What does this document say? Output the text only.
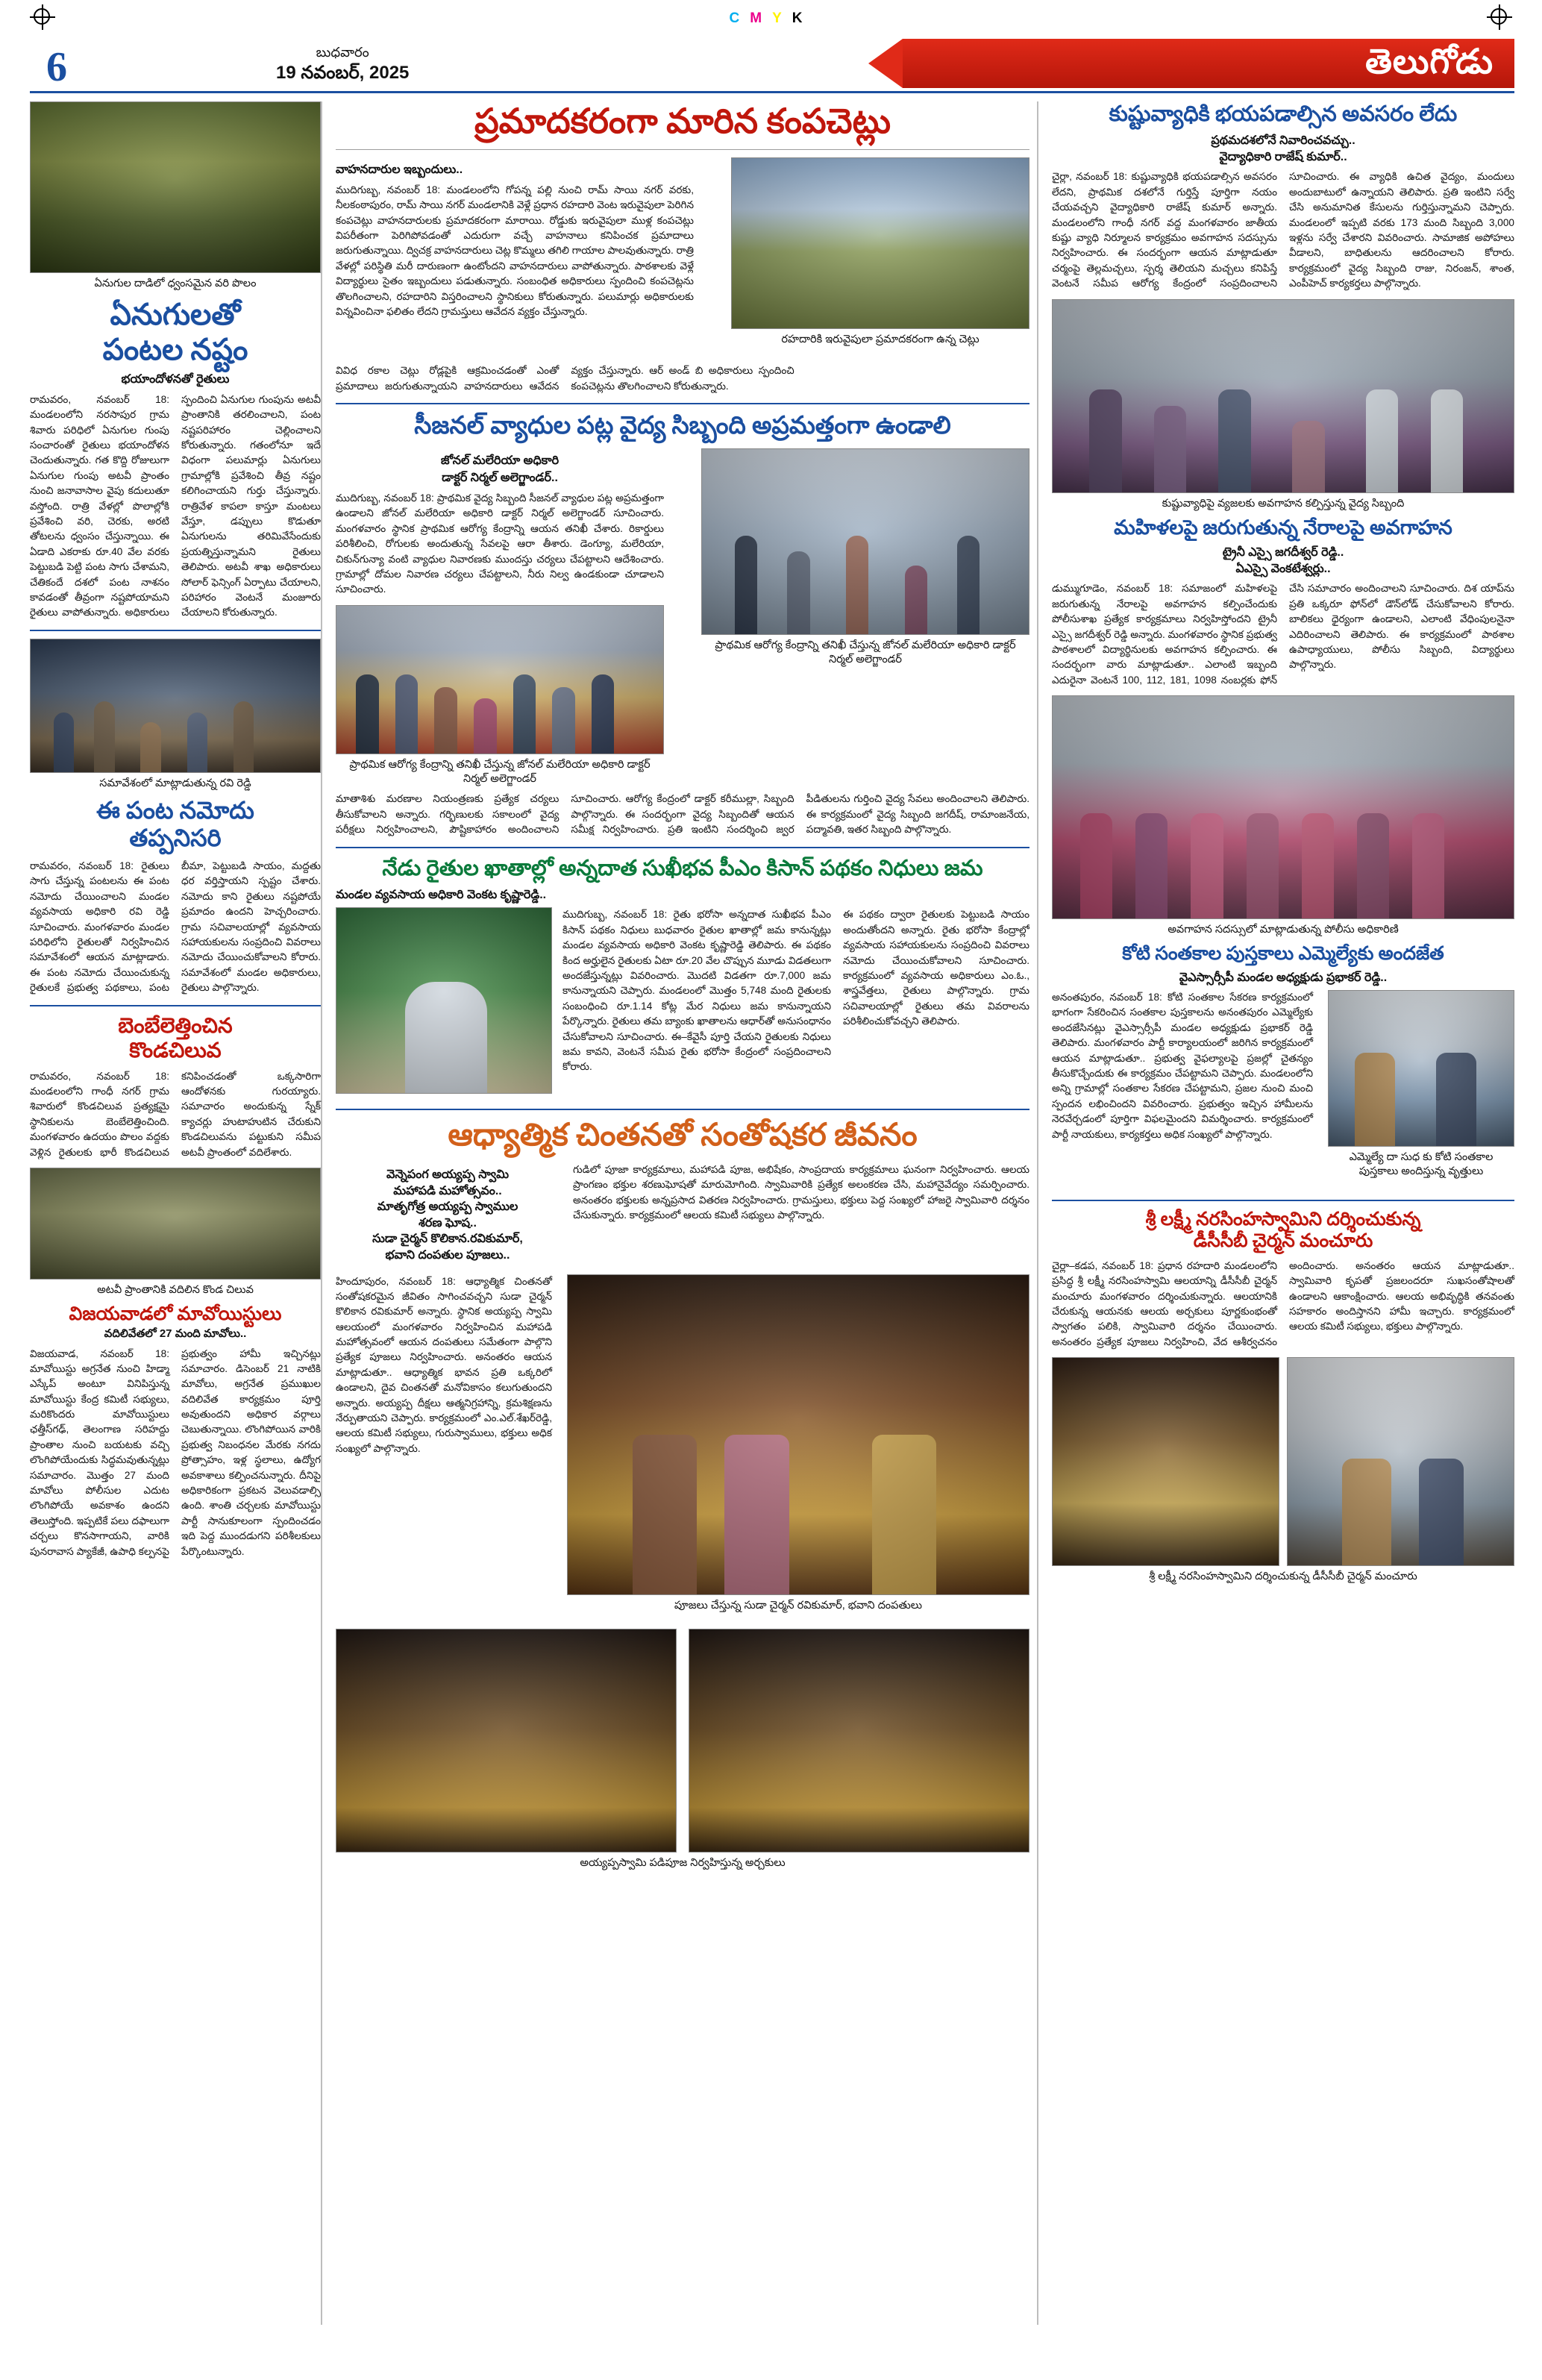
C M Y K
6	బుధవారం
19 నవంబర్, 2025	తెలుగోడు
ఏనుగుల దాడిలో ధ్వంసమైన వరి పొలం
ఏనుగులతో
పంటల నష్టం
భయాందోళనతో రైతులు
రామవరం, నవంబర్ 18: మండలంలోని నరసాపుర గ్రామ శివారు పరిధిలో ఏనుగుల గుంపు సంచారంతో రైతులు భయాందోళన చెందుతున్నారు. గత కొద్ది రోజులుగా ఏనుగుల గుంపు అటవీ ప్రాంతం నుంచి జనావాసాల వైపు కదులుతూ వస్తోంది. రాత్రి వేళల్లో పొలాల్లోకి ప్రవేశించి వరి, చెరకు, అరటి తోటలను ధ్వంసం చేస్తున్నాయి. ఈ ఏడాది ఎకరాకు రూ.40 వేల వరకు పెట్టుబడి పెట్టి పంట సాగు చేశామని, చేతికందే దశలో పంట నాశనం కావడంతో తీవ్రంగా నష్టపోయామని రైతులు వాపోతున్నారు. అధికారులు స్పందించి ఏనుగుల గుంపును అటవీ ప్రాంతానికి తరలించాలని, పంట నష్టపరిహారం చెల్లించాలని కోరుతున్నారు. గతంలోనూ ఇదే విధంగా పలుమార్లు ఏనుగులు గ్రామాల్లోకి ప్రవేశించి తీవ్ర నష్టం కలిగించాయని గుర్తు చేస్తున్నారు. రాత్రివేళ కాపలా కాస్తూ మంటలు వేస్తూ, డప్పులు కొడుతూ ఏనుగులను తరిమివేసేందుకు ప్రయత్నిస్తున్నామని రైతులు తెలిపారు. అటవీ శాఖ అధికారులు సోలార్ ఫెన్సింగ్ ఏర్పాటు చేయాలని, పరిహారం వెంటనే మంజూరు చేయాలని కోరుతున్నారు.
సమావేశంలో మాట్లాడుతున్న రవి రెడ్డి
ఈ పంట నమోదు
తప్పనిసరి
రామవరం, నవంబర్ 18: రైతులు సాగు చేస్తున్న పంటలను ఈ పంట నమోదు చేయించాలని మండల వ్యవసాయ అధికారి రవి రెడ్డి సూచించారు. మంగళవారం మండల పరిధిలోని రైతులతో నిర్వహించిన సమావేశంలో ఆయన మాట్లాడారు. ఈ పంట నమోదు చేయించుకున్న రైతులకే ప్రభుత్వ పథకాలు, పంట బీమా, పెట్టుబడి సాయం, మద్దతు ధర వర్తిస్తాయని స్పష్టం చేశారు. నమోదు కాని రైతులు నష్టపోయే ప్రమాదం ఉందని హెచ్చరించారు. గ్రామ సచివాలయాల్లో వ్యవసాయ సహాయకులను సంప్రదించి వివరాలు నమోదు చేయించుకోవాలని కోరారు. సమావేశంలో మండల అధికారులు, రైతులు పాల్గొన్నారు.
బెంబేలెత్తించిన
కొండచిలువ
రామవరం, నవంబర్ 18: మండలంలోని గాంధీ నగర్ గ్రామ శివారులో కొండచిలువ ప్రత్యక్షమై స్థానికులను బెంబేలెత్తించింది. మంగళవారం ఉదయం పొలం వద్దకు వెళ్లిన రైతులకు భారీ కొండచిలువ కనిపించడంతో ఒక్కసారిగా ఆందోళనకు గురయ్యారు. సమాచారం అందుకున్న స్నేక్ క్యాచర్లు హుటాహుటిన చేరుకుని కొండచిలువను పట్టుకుని సమీప అటవీ ప్రాంతంలో వదిలేశారు.
అటవీ ప్రాంతానికి వదిలిన కొండ చిలువ
విజయవాడలో మావోయిస్టులు
వదిలివేతలో 27 మంది మావోలు..
విజయవాడ, నవంబర్ 18: మావోయిస్టు అగ్రనేత నుంచి హిడ్మా ఎస్కేప్ అంటూ వినిపిస్తున్న మావోయిస్టు కేంద్ర కమిటీ సభ్యులు, మరికొందరు మావోయిస్టులు ఛత్తీస్‌గఢ్, తెలంగాణ సరిహద్దు ప్రాంతాల నుంచి బయటకు వచ్చి లొంగిపోయేందుకు సిద్ధమవుతున్నట్లు సమాచారం. మొత్తం 27 మంది మావోలు పోలీసుల ఎదుట లొంగిపోయే అవకాశం ఉందని తెలుస్తోంది. ఇప్పటికే పలు దఫాలుగా చర్చలు కొనసాగాయని, వారికి పునరావాస ప్యాకేజీ, ఉపాధి కల్పనపై ప్రభుత్వం హామీ ఇచ్చినట్లు సమాచారం. డిసెంబర్ 21 నాటికి మావోలు, అగ్రనేత ప్రముఖుల వదిలివేత కార్యక్రమం పూర్తి అవుతుందని అధికార వర్గాలు చెబుతున్నాయి. లొంగిపోయిన వారికి ప్రభుత్వ నిబంధనల మేరకు నగదు ప్రోత్సాహం, ఇళ్ల స్థలాలు, ఉద్యోగ అవకాశాలు కల్పించనున్నారు. దీనిపై అధికారికంగా ప్రకటన వెలువడాల్సి ఉంది. శాంతి చర్చలకు మావోయిస్టు పార్టీ సానుకూలంగా స్పందించడం ఇది పెద్ద ముందడుగని పరిశీలకులు పేర్కొంటున్నారు.
ప్రమాదకరంగా మారిన కంపచెట్లు
రహదారికి ఇరువైపులా ప్రమాదకరంగా ఉన్న చెట్లు
వాహనదారుల ఇబ్బందులు..
ముదిగుబ్బ, నవంబర్ 18: మండలంలోని గోపన్న పల్లి నుంచి రామ్ సాయి నగర్ వరకు, నీలకంఠాపురం, రామ్ సాయి నగర్ మండలానికి వెళ్లే ప్రధాన రహదారి వెంట ఇరువైపులా పెరిగిన కంపచెట్లు వాహనదారులకు ప్రమాదకరంగా మారాయి. రోడ్డుకు ఇరువైపులా ముళ్ల కంపచెట్లు విపరీతంగా పెరిగిపోవడంతో ఎదురుగా వచ్చే వాహనాలు కనిపించక ప్రమాదాలు జరుగుతున్నాయి. ద్విచక్ర వాహనదారులు చెట్ల కొమ్మలు తగిలి గాయాల పాలవుతున్నారు. రాత్రి వేళల్లో పరిస్థితి మరీ దారుణంగా ఉంటోందని వాహనదారులు వాపోతున్నారు. పాఠశాలకు వెళ్లే విద్యార్థులు సైతం ఇబ్బందులు పడుతున్నారు. సంబంధిత అధికారులు స్పందించి కంపచెట్లను తొలగించాలని, రహదారిని విస్తరించాలని స్థానికులు కోరుతున్నారు. పలుమార్లు అధికారులకు విన్నవించినా ఫలితం లేదని గ్రామస్తులు ఆవేదన వ్యక్తం చేస్తున్నారు.
వివిధ రకాల చెట్లు రోడ్లపైకి ఆక్రమించడంతో ఎంతో ప్రమాదాలు జరుగుతున్నాయని వాహనదారులు ఆవేదన వ్యక్తం చేస్తున్నారు. ఆర్ అండ్ బి అధికారులు స్పందించి కంపచెట్లను తొలగించాలని కోరుతున్నారు.
సీజనల్ వ్యాధుల పట్ల వైద్య సిబ్బంది అప్రమత్తంగా ఉండాలి
ప్రాథమిక ఆరోగ్య కేంద్రాన్ని తనిఖీ చేస్తున్న జోనల్ మలేరియా అధికారి డాక్టర్ నిర్మల్ అలెగ్జాండర్
జోనల్ మలేరియా అధికారి
డాక్టర్ నిర్మల్ అలెగ్జాండర్..
ముదిగుబ్బ, నవంబర్ 18: ప్రాథమిక వైద్య సిబ్బంది సీజనల్ వ్యాధుల పట్ల అప్రమత్తంగా ఉండాలని జోనల్ మలేరియా అధికారి డాక్టర్ నిర్మల్ అలెగ్జాండర్ సూచించారు. మంగళవారం స్థానిక ప్రాథమిక ఆరోగ్య కేంద్రాన్ని ఆయన తనిఖీ చేశారు. రికార్డులు పరిశీలించి, రోగులకు అందుతున్న సేవలపై ఆరా తీశారు. డెంగ్యూ, మలేరియా, చికున్‌గున్యా వంటి వ్యాధుల నివారణకు ముందస్తు చర్యలు చేపట్టాలని ఆదేశించారు. గ్రామాల్లో దోమల నివారణ చర్యలు చేపట్టాలని, నీరు నిల్వ ఉండకుండా చూడాలని సూచించారు.
ప్రాథమిక ఆరోగ్య కేంద్రాన్ని తనిఖీ చేస్తున్న జోనల్ మలేరియా అధికారి డాక్టర్ నిర్మల్ అలెగ్జాండర్
మాతాశిశు మరణాల నియంత్రణకు ప్రత్యేక చర్యలు తీసుకోవాలని అన్నారు. గర్భిణులకు సకాలంలో వైద్య పరీక్షలు నిర్వహించాలని, పౌష్టికాహారం అందించాలని సూచించారు. ఆరోగ్య కేంద్రంలో డాక్టర్ కరీముల్లా, సిబ్బంది పాల్గొన్నారు. ఈ సందర్భంగా వైద్య సిబ్బందితో ఆయన సమీక్ష నిర్వహించారు. ప్రతి ఇంటిని సందర్శించి జ్వర పీడితులను గుర్తించి వైద్య సేవలు అందించాలని తెలిపారు. ఈ కార్యక్రమంలో వైద్య సిబ్బంది జగదీష్, రామాంజనేయ, పద్మావతి, ఇతర సిబ్బంది పాల్గొన్నారు.
నేడు రైతుల ఖాతాల్లో అన్నదాత సుఖీభవ పీఎం కిసాన్ పథకం నిధులు జమ
మండల వ్యవసాయ అధికారి వెంకట కృష్ణారెడ్డి..
ముదిగుబ్బ, నవంబర్ 18: రైతు భరోసా అన్నదాత సుఖీభవ పీఎం కిసాన్ పథకం నిధులు బుధవారం రైతుల ఖాతాల్లో జమ కానున్నట్లు మండల వ్యవసాయ అధికారి వెంకట కృష్ణారెడ్డి తెలిపారు. ఈ పథకం కింద అర్హులైన రైతులకు ఏటా రూ.20 వేల చొప్పున మూడు విడతలుగా అందజేస్తున్నట్లు వివరించారు. మొదటి విడతగా రూ.7,000 జమ కానున్నాయని చెప్పారు. మండలంలో మొత్తం 5,748 మంది రైతులకు సంబంధించి రూ.1.14 కోట్ల మేర నిధులు జమ కానున్నాయని పేర్కొన్నారు. రైతులు తమ బ్యాంకు ఖాతాలను ఆధార్‌తో అనుసంధానం చేసుకోవాలని సూచించారు. ఈ–కేవైసీ పూర్తి చేయని రైతులకు నిధులు జమ కావని, వెంటనే సమీప రైతు భరోసా కేంద్రంలో సంప్రదించాలని కోరారు.
ఈ పథకం ద్వారా రైతులకు పెట్టుబడి సాయం అందుతోందని అన్నారు. రైతు భరోసా కేంద్రాల్లో వ్యవసాయ సహాయకులను సంప్రదించి వివరాలు నమోదు చేయించుకోవాలని సూచించారు. కార్యక్రమంలో వ్యవసాయ అధికారులు ఎం.ఓ., శాస్త్రవేత్తలు, రైతులు పాల్గొన్నారు. గ్రామ సచివాలయాల్లో రైతులు తమ వివరాలను పరిశీలించుకోవచ్చని తెలిపారు.
ఆధ్యాత్మిక చింతనతో సంతోషకర జీవనం
వెన్నెపంగ అయ్యప్ప స్వామి
మహాపడి మహోత్సవం..
మాతృగోత్ర అయ్యప్ప స్వాముల
శరణ ఘోష..
సుడా చైర్మన్ కొలికాన.రవికుమార్,
భవాని దంపతుల పూజలు..
గుడిలో పూజా కార్యక్రమాలు, మహాపడి పూజ, అభిషేకం, సాంప్రదాయ కార్యక్రమాలు ఘనంగా నిర్వహించారు. ఆలయ ప్రాంగణం భక్తుల శరణుఘోషతో మారుమోగింది. స్వామివారికి ప్రత్యేక అలంకరణ చేసి, మహానైవేద్యం సమర్పించారు. అనంతరం భక్తులకు అన్నప్రసాద వితరణ నిర్వహించారు. గ్రామస్తులు, భక్తులు పెద్ద సంఖ్యలో హాజరై స్వామివారి దర్శనం చేసుకున్నారు. కార్యక్రమంలో ఆలయ కమిటీ సభ్యులు పాల్గొన్నారు.
హిందూపురం, నవంబర్ 18: ఆధ్యాత్మిక చింతనతో సంతోషకరమైన జీవితం సాగించవచ్చని సుడా చైర్మన్ కొలికాన రవికుమార్ అన్నారు. స్థానిక అయ్యప్ప స్వామి ఆలయంలో మంగళవారం నిర్వహించిన మహాపడి మహోత్సవంలో ఆయన దంపతులు సమేతంగా పాల్గొని ప్రత్యేక పూజలు నిర్వహించారు. అనంతరం ఆయన మాట్లాడుతూ.. ఆధ్యాత్మిక భావన ప్రతి ఒక్కరిలో ఉండాలని, దైవ చింతనతో మనోవికాసం కలుగుతుందని అన్నారు. అయ్యప్ప దీక్షలు ఆత్మనిగ్రహాన్ని, క్రమశిక్షణను నేర్పుతాయని చెప్పారు. కార్యక్రమంలో ఎం.ఎల్.శేఖర్‌రెడ్డి, ఆలయ కమిటీ సభ్యులు, గురుస్వాములు, భక్తులు అధిక సంఖ్యలో పాల్గొన్నారు.
పూజలు చేస్తున్న సుడా చైర్మన్ రవికుమార్, భవాని దంపతులు
అయ్యప్పస్వామి పడిపూజ నిర్వహిస్తున్న అర్చకులు
కుష్టువ్యాధికి భయపడాల్సిన అవసరం లేదు
ప్రథమదశలోనే నివారించవచ్చు..
వైద్యాధికారి రాజేష్ కుమార్..
చైర్లా, నవంబర్ 18: కుష్టువ్యాధికి భయపడాల్సిన అవసరం లేదని, ప్రాథమిక దశలోనే గుర్తిస్తే పూర్తిగా నయం చేయవచ్చని వైద్యాధికారి రాజేష్ కుమార్ అన్నారు. మండలంలోని గాంధీ నగర్ వద్ద మంగళవారం జాతీయ కుష్టు వ్యాధి నిర్మూలన కార్యక్రమం అవగాహన సదస్సును నిర్వహించారు. ఈ సందర్భంగా ఆయన మాట్లాడుతూ చర్మంపై తెల్లమచ్చలు, స్పర్శ తెలియని మచ్చలు కనిపిస్తే వెంటనే సమీప ఆరోగ్య కేంద్రంలో సంప్రదించాలని సూచించారు. ఈ వ్యాధికి ఉచిత వైద్యం, మందులు అందుబాటులో ఉన్నాయని తెలిపారు. ప్రతి ఇంటిని సర్వే చేసి అనుమానిత కేసులను గుర్తిస్తున్నామని చెప్పారు. మండలంలో ఇప్పటి వరకు 173 మంది సిబ్బంది 3,000 ఇళ్లను సర్వే చేశారని వివరించారు. సామాజిక అపోహలు వీడాలని, బాధితులను ఆదరించాలని కోరారు. కార్యక్రమంలో వైద్య సిబ్బంది రాజు, నిరంజన్, శాంత, ఎంపీహెచ్ కార్యకర్తలు పాల్గొన్నారు.
కుష్టువ్యాధిపై వ్యజలకు అవగాహన కల్పిస్తున్న వైద్య సిబ్బంది
మహిళలపై జరుగుతున్న నేరాలపై అవగాహన
ట్రైనీ ఎస్సై జగదీశ్వర్ రెడ్డి..
ఏఎస్సై వెంకటేశ్వర్లు..
డుమ్ముగూడెం, నవంబర్ 18: సమాజంలో మహిళలపై జరుగుతున్న నేరాలపై అవగాహన కల్పించేందుకు పోలీసుశాఖ ప్రత్యేక కార్యక్రమాలు నిర్వహిస్తోందని ట్రైనీ ఎస్సై జగదీశ్వర్ రెడ్డి అన్నారు. మంగళవారం స్థానిక ప్రభుత్వ పాఠశాలలో విద్యార్థినులకు అవగాహన కల్పించారు. ఈ సందర్భంగా వారు మాట్లాడుతూ.. ఎలాంటి ఇబ్బంది ఎదురైనా వెంటనే 100, 112, 181, 1098 నంబర్లకు ఫోన్ చేసి సమాచారం అందించాలని సూచించారు. దిశ యాప్‌ను ప్రతి ఒక్కరూ ఫోన్‌లో డౌన్‌లోడ్ చేసుకోవాలని కోరారు. బాలికలు ధైర్యంగా ఉండాలని, ఎలాంటి వేధింపులనైనా ఎదిరించాలని తెలిపారు. ఈ కార్యక్రమంలో పాఠశాల ఉపాధ్యాయులు, పోలీసు సిబ్బంది, విద్యార్థులు పాల్గొన్నారు.
అవగాహన సదస్సులో మాట్లాడుతున్న పోలీసు అధికారిణి
కోటి సంతకాల పుస్తకాలు ఎమ్మెల్యేకు అందజేత
వైఎస్సార్సీపీ మండల అధ్యక్షుడు ప్రభాకర్ రెడ్డి..
ఎమ్మెల్యే దా సుధ కు కోటి సంతకాల పుస్తకాలు అందిస్తున్న వృత్తులు
అనంతపురం, నవంబర్ 18: కోటి సంతకాల సేకరణ కార్యక్రమంలో భాగంగా సేకరించిన సంతకాల పుస్తకాలను అనంతపురం ఎమ్మెల్యేకు అందజేసినట్లు వైఎస్సార్సీపీ మండల అధ్యక్షుడు ప్రభాకర్ రెడ్డి తెలిపారు. మంగళవారం పార్టీ కార్యాలయంలో జరిగిన కార్యక్రమంలో ఆయన మాట్లాడుతూ.. ప్రభుత్వ వైఫల్యాలపై ప్రజల్లో చైతన్యం తీసుకొచ్చేందుకు ఈ కార్యక్రమం చేపట్టామని చెప్పారు. మండలంలోని అన్ని గ్రామాల్లో సంతకాల సేకరణ చేపట్టామని, ప్రజల నుంచి మంచి స్పందన లభించిందని వివరించారు. ప్రభుత్వం ఇచ్చిన హామీలను నెరవేర్చడంలో పూర్తిగా విఫలమైందని విమర్శించారు. కార్యక్రమంలో పార్టీ నాయకులు, కార్యకర్తలు అధిక సంఖ్యలో పాల్గొన్నారు.
శ్రీ లక్ష్మీ నరసింహస్వామిని దర్శించుకున్న
డీసీసీబీ చైర్మన్ మంచూరు
చైర్లా–కడప, నవంబర్ 18: ప్రధాన రహదారి మండలంలోని ప్రసిద్ధ శ్రీ లక్ష్మీ నరసింహస్వామి ఆలయాన్ని డీసీసీబీ చైర్మన్ మంచూరు మంగళవారం దర్శించుకున్నారు. ఆలయానికి చేరుకున్న ఆయనకు ఆలయ అర్చకులు పూర్ణకుంభంతో స్వాగతం పలికి, స్వామివారి దర్శనం చేయించారు. అనంతరం ప్రత్యేక పూజలు నిర్వహించి, వేద ఆశీర్వచనం అందించారు. అనంతరం ఆయన మాట్లాడుతూ.. స్వామివారి కృపతో ప్రజలందరూ సుఖసంతోషాలతో ఉండాలని ఆకాంక్షించారు. ఆలయ అభివృద్ధికి తనవంతు సహకారం అందిస్తానని హామీ ఇచ్చారు. కార్యక్రమంలో ఆలయ కమిటీ సభ్యులు, భక్తులు పాల్గొన్నారు.
శ్రీ లక్ష్మీ నరసింహస్వామిని దర్శించుకున్న డీసీసీబీ చైర్మన్ మంచూరు
